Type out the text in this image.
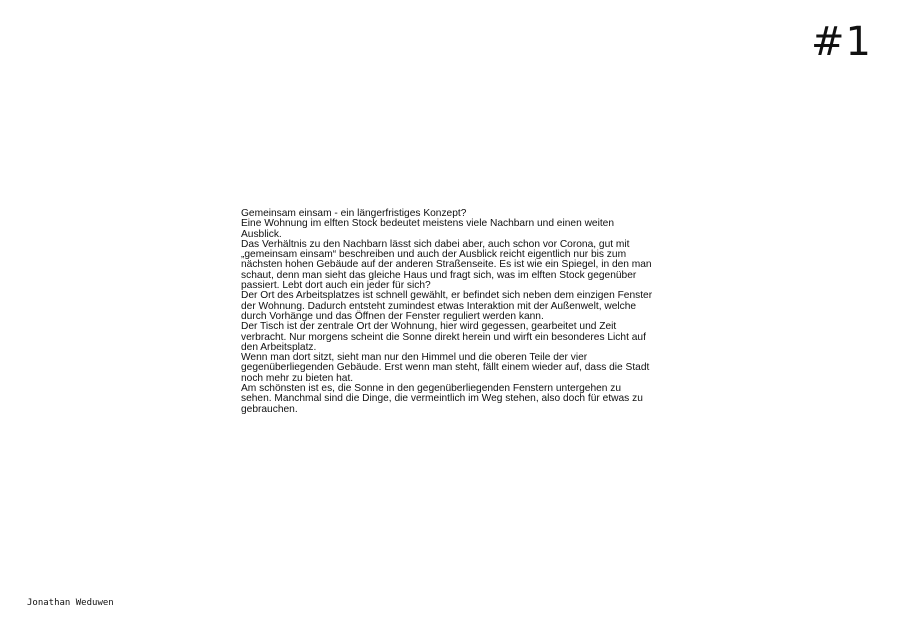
#1

Gemeinsam einsam - ein längerfristiges Konzept?

Eine Wohnung im elften Stock bedeutet meistens viele Nachbarn und einen weiten Ausblick.

Das Verhältnis zu den Nachbarn lässt sich dabei aber, auch schon vor Corona, gut mit „gemeinsam einsam“ beschreiben und auch der Ausblick reicht eigentlich nur bis zum nächsten hohen Gebäude auf der anderen Straßenseite. Es ist wie ein Spiegel, in den man schaut, denn man sieht das gleiche Haus und fragt sich, was im elften Stock gegenüber passiert. Lebt dort auch ein jeder für sich?

Der Ort des Arbeitsplatzes ist schnell gewählt, er befindet sich neben dem einzigen Fenster der Wohnung. Dadurch entsteht zumindest etwas Interaktion mit der Außenwelt, welche durch Vorhänge und das Öffnen der Fenster reguliert werden kann.

Der Tisch ist der zentrale Ort der Wohnung, hier wird gegessen, gearbeitet und Zeit verbracht. Nur morgens scheint die Sonne direkt herein und wirft ein besonderes Licht auf den Arbeitsplatz.

Wenn man dort sitzt, sieht man nur den Himmel und die oberen Teile der vier gegenüberliegenden Gebäude. Erst wenn man steht, fällt einem wieder auf, dass die Stadt noch mehr zu bieten hat.

Am schönsten ist es, die Sonne in den gegenüberliegenden Fenstern untergehen zu sehen. Manchmal sind die Dinge, die vermeintlich im Weg stehen, also doch für etwas zu gebrauchen.

Jonathan Weduwen
